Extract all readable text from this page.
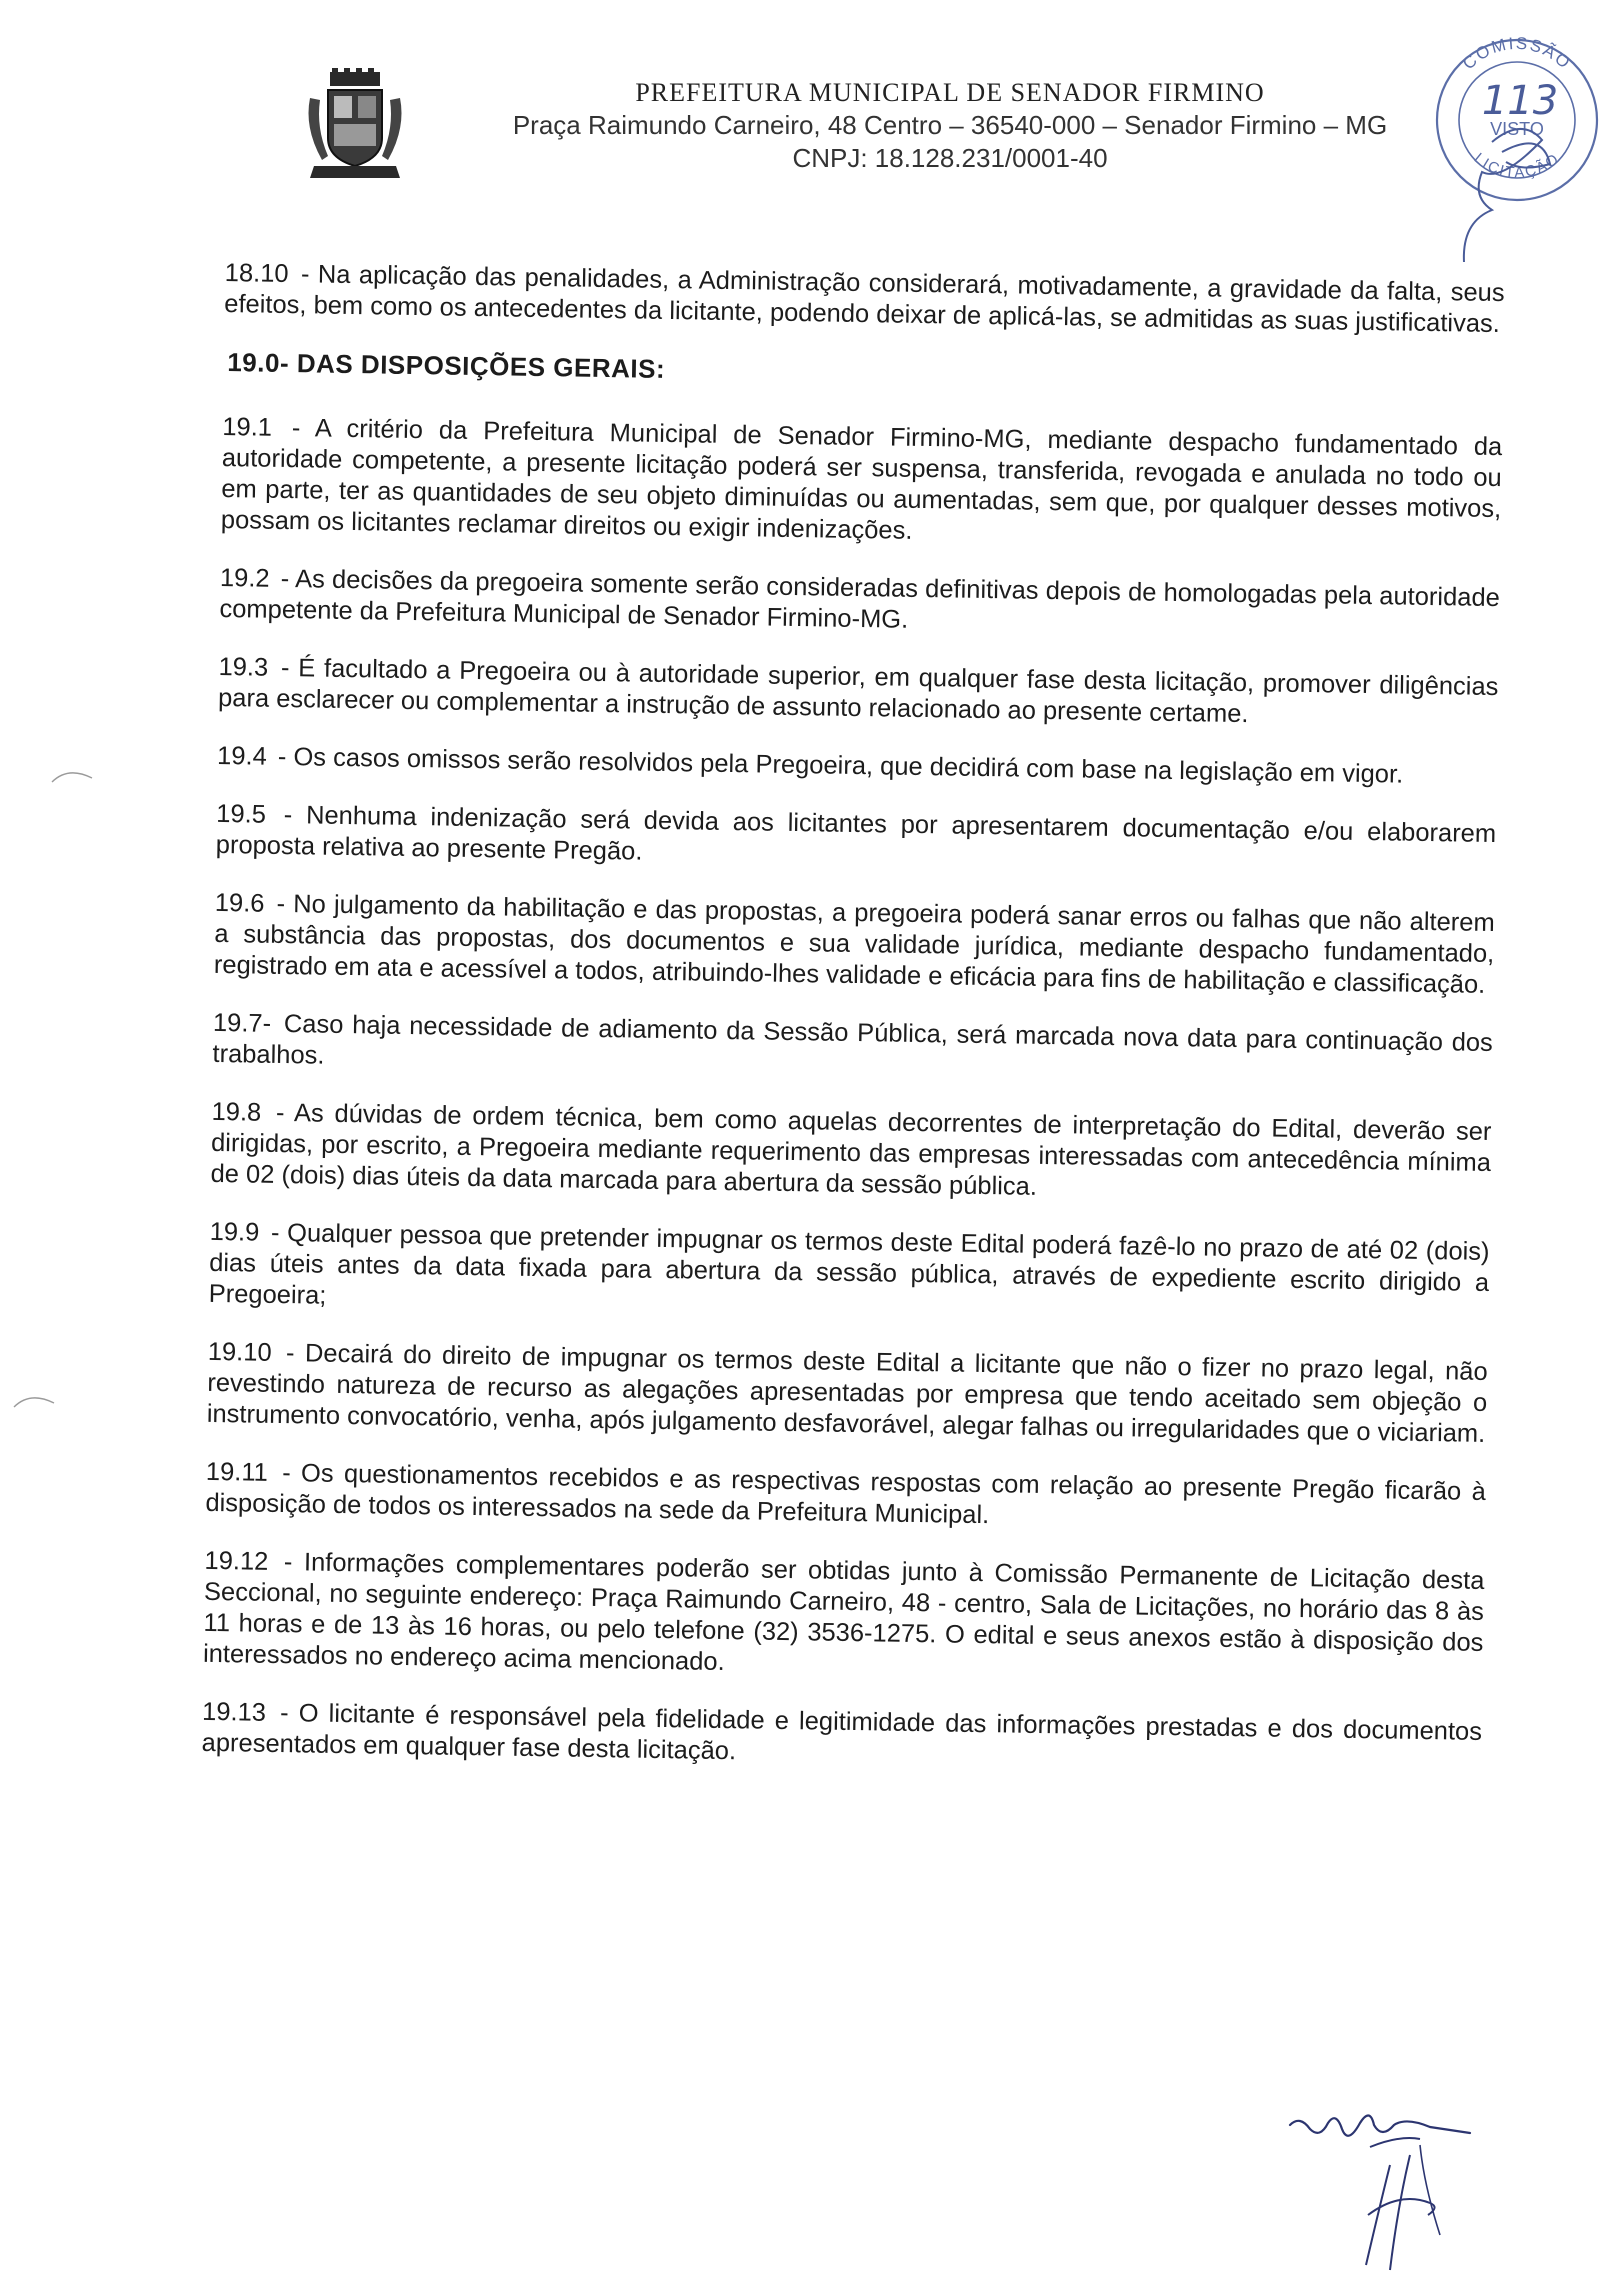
PREFEITURA MUNICIPAL DE SENADOR FIRMINO
Praça Raimundo Carneiro, 48 Centro – 36540-000 – Senador Firmino – MG
CNPJ: 18.128.231/0001-40
COMISSÃO
LICITAÇÃO
VISTO
113

18.10 - Na aplicação das penalidades, a Administração considerará, motivadamente, a gravidade da falta, seus efeitos, bem como os antecedentes da licitante, podendo deixar de aplicá-las, se admitidas as suas justificativas.

19.0- DAS DISPOSIÇÕES GERAIS:

19.1 - A critério da Prefeitura Municipal de Senador Firmino-MG, mediante despacho fundamentado da autoridade competente, a presente licitação poderá ser suspensa, transferida, revogada e anulada no todo ou em parte, ter as quantidades de seu objeto diminuídas ou aumentadas, sem que, por qualquer desses motivos, possam os licitantes reclamar direitos ou exigir indenizações.

19.2 - As decisões da pregoeira somente serão consideradas definitivas depois de homologadas pela autoridade competente da Prefeitura Municipal de Senador Firmino-MG.

19.3 - É facultado a Pregoeira ou à autoridade superior, em qualquer fase desta licitação, promover diligências para esclarecer ou complementar a instrução de assunto relacionado ao presente certame.

19.4 - Os casos omissos serão resolvidos pela Pregoeira, que decidirá com base na legislação em vigor.

19.5 - Nenhuma indenização será devida aos licitantes por apresentarem documentação e/ou elaborarem proposta relativa ao presente Pregão.

19.6 - No julgamento da habilitação e das propostas, a pregoeira poderá sanar erros ou falhas que não alterem a substância das propostas, dos documentos e sua validade jurídica, mediante despacho fundamentado, registrado em ata e acessível a todos, atribuindo-lhes validade e eficácia para fins de habilitação e classificação.

19.7- Caso haja necessidade de adiamento da Sessão Pública, será marcada nova data para continuação dos trabalhos.

19.8 - As dúvidas de ordem técnica, bem como aquelas decorrentes de interpretação do Edital, deverão ser dirigidas, por escrito, a Pregoeira mediante requerimento das empresas interessadas com antecedência mínima de 02 (dois) dias úteis da data marcada para abertura da sessão pública.

19.9 - Qualquer pessoa que pretender impugnar os termos deste Edital poderá fazê-lo no prazo de até 02 (dois) dias úteis antes da data fixada para abertura da sessão pública, através de expediente escrito dirigido a Pregoeira;

19.10 - Decairá do direito de impugnar os termos deste Edital a licitante que não o fizer no prazo legal, não revestindo natureza de recurso as alegações apresentadas por empresa que tendo aceitado sem objeção o instrumento convocatório, venha, após julgamento desfavorável, alegar falhas ou irregularidades que o viciariam.

19.11 - Os questionamentos recebidos e as respectivas respostas com relação ao presente Pregão ficarão à disposição de todos os interessados na sede da Prefeitura Municipal.

19.12 - Informações complementares poderão ser obtidas junto à Comissão Permanente de Licitação desta Seccional, no seguinte endereço: Praça Raimundo Carneiro, 48 - centro, Sala de Licitações, no horário das 8 às 11 horas e de 13 às 16 horas, ou pelo telefone (32) 3536-1275. O edital e seus anexos estão à disposição dos interessados no endereço acima mencionado.

19.13 - O licitante é responsável pela fidelidade e legitimidade das informações prestadas e dos documentos apresentados em qualquer fase desta licitação.
